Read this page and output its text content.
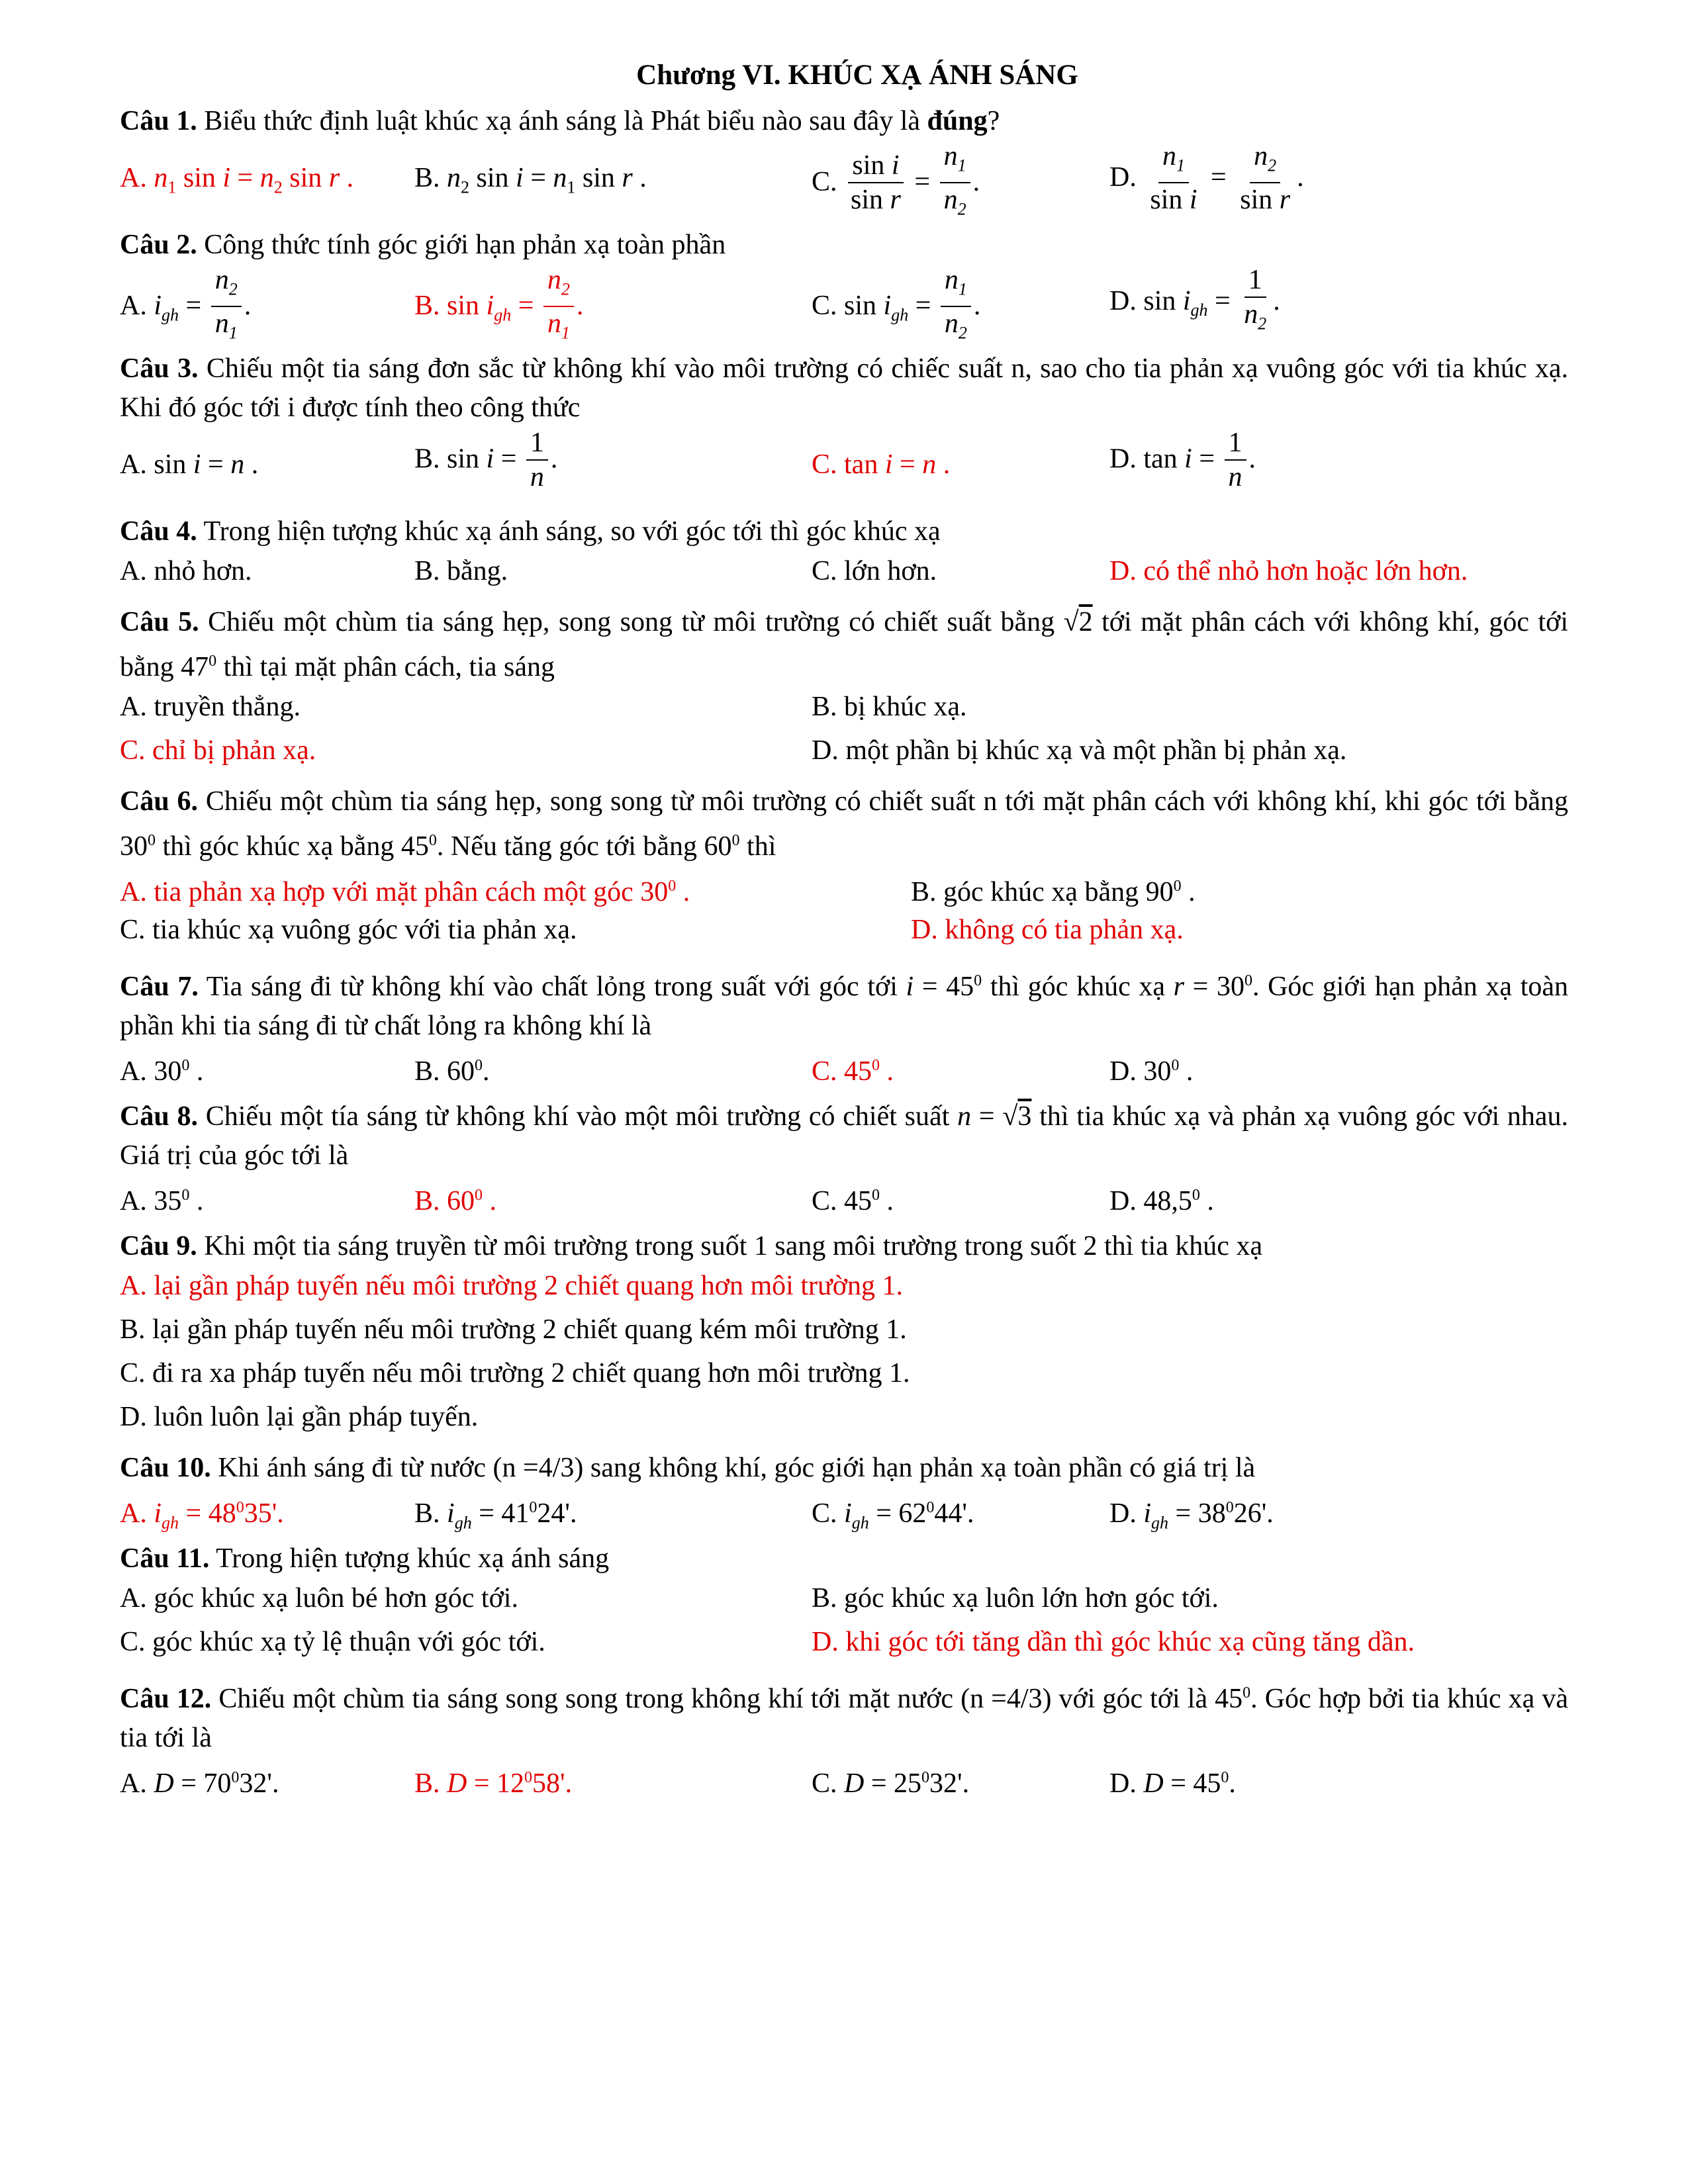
Chương VI. KHÚC XẠ ÁNH SÁNG
Câu 1. Biểu thức định luật khúc xạ ánh sáng là Phát biểu nào sau đây là đúng?
A. $n_1$ $\sin i = n_2$ sin r . B. $n_2$ $\sin i = n_1$ sin r .	C. $\frac{\text{sin i}}{\text{sin r}} = \frac{n_1}{n_2}$ .	D. $\frac{n_1}{\text{sin i}} = \frac{n_2}{\text{sin r}}$ .
Câu 2. Công thức tính góc giới hạn phản xạ toàn phần
A. $i_{gh} = \frac{n_2}{n_1}$ .	B. $\sin i_{gh} = \frac{n_2}{n_1}$ .	C. $\sin i_{gh} = \frac{n_1}{n_2}$ .	D. $\sin i_{gh} = \frac{1}{n_2}$ .
Câu 3. Chiếu một tia sáng đơn sắc từ không khí vào môi trường có chiếc suất n, sao cho tia phản xạ vuông góc với tia khúc xạ. Khi đó góc tới i được tính theo công thức
A. sin i = n .	B. $\sin i = \frac{1}{n}$ .	C. tan i = n .	D. $\tan i = \frac{1}{n}$ .
Câu 4. Trong hiện tượng khúc xạ ánh sáng, so với góc tới thì góc khúc xạ
A. nhỏ hơn.	B. bằng.	C. lớn hơn.	D. có thể nhỏ hơn hoặc lớn hơn.
Câu 5. Chiếu một chùm tia sáng hẹp, song song từ môi trường có chiết suất bằng √2 tới mặt phân cách với không khí, góc tới bằng $47^0$ thì tại mặt phân cách, tia sáng
A. truyền thẳng.	B. bị khúc xạ.
C. chỉ bị phản xạ.	D. một phần bị khúc xạ và một phần bị phản xạ.
Câu 6. Chiếu một chùm tia sáng hẹp, song song từ môi trường có chiết suất n tới mặt phân cách với không khí, khi góc tới bằng $30^0$ thì góc khúc xạ bằng $45^0$. Nếu tăng góc tới bằng $60^0$ thì
A. tia phản xạ hợp với mặt phân cách một góc $30^0$ .	B. góc khúc xạ bằng $90^0$ .
C. tia khúc xạ vuông góc với tia phản xạ.	D. không có tia phản xạ.
Câu 7. Tia sáng đi từ không khí vào chất lỏng trong suất với góc tới $i = 45^0$ thì góc khúc xạ $r = 30^0$. Góc giới hạn phản xạ toàn phần khi tia sáng đi từ chất lỏng ra không khí là
A. $30^0$ .	B. $60^0$.	C. $45^0$ .	D. $30^0$ .
Câu 8. Chiếu một tía sáng từ không khí vào một môi trường có chiết suất n = √3 thì tia khúc xạ và phản xạ vuông góc với nhau. Giá trị của góc tới là
A. $35^0$ .	B. $60^0$ .	C. $45^0$ .	D. 48,5$^0$ .
Câu 9. Khi một tia sáng truyền từ môi trường trong suốt 1 sang môi trường trong suốt 2 thì tia khúc xạ
A. lại gần pháp tuyến nếu môi trường 2 chiết quang hơn môi trường 1.
B. lại gần pháp tuyến nếu môi trường 2 chiết quang kém môi trường 1.
C. đi ra xa pháp tuyến nếu môi trường 2 chiết quang hơn môi trường 1.
D. luôn luôn lại gần pháp tuyến.
Câu 10. Khi ánh sáng đi từ nước (n =4/3) sang không khí, góc giới hạn phản xạ toàn phần có giá trị là
A. $i_{gh} = 48^035'$.	B. $i_{gh} = 41^024'$.	C. $i_{gh} = 62^044'$.	D. $i_{gh} = 38^026'$.
Câu 11. Trong hiện tượng khúc xạ ánh sáng
A. góc khúc xạ luôn bé hơn góc tới.	B. góc khúc xạ luôn lớn hơn góc tới.
C. góc khúc xạ tỷ lệ thuận với góc tới.	D. khi góc tới tăng dần thì góc khúc xạ cũng tăng dần.
Câu 12. Chiếu một chùm tia sáng song song trong không khí tới mặt nước (n =4/3) với góc tới là $45^0$. Góc hợp bởi tia khúc xạ và tia tới là
A. $D = 70^032'$.	B. $D = 12^058'$.	C. $D = 25^032'$.	D. $D = 45^0$.
